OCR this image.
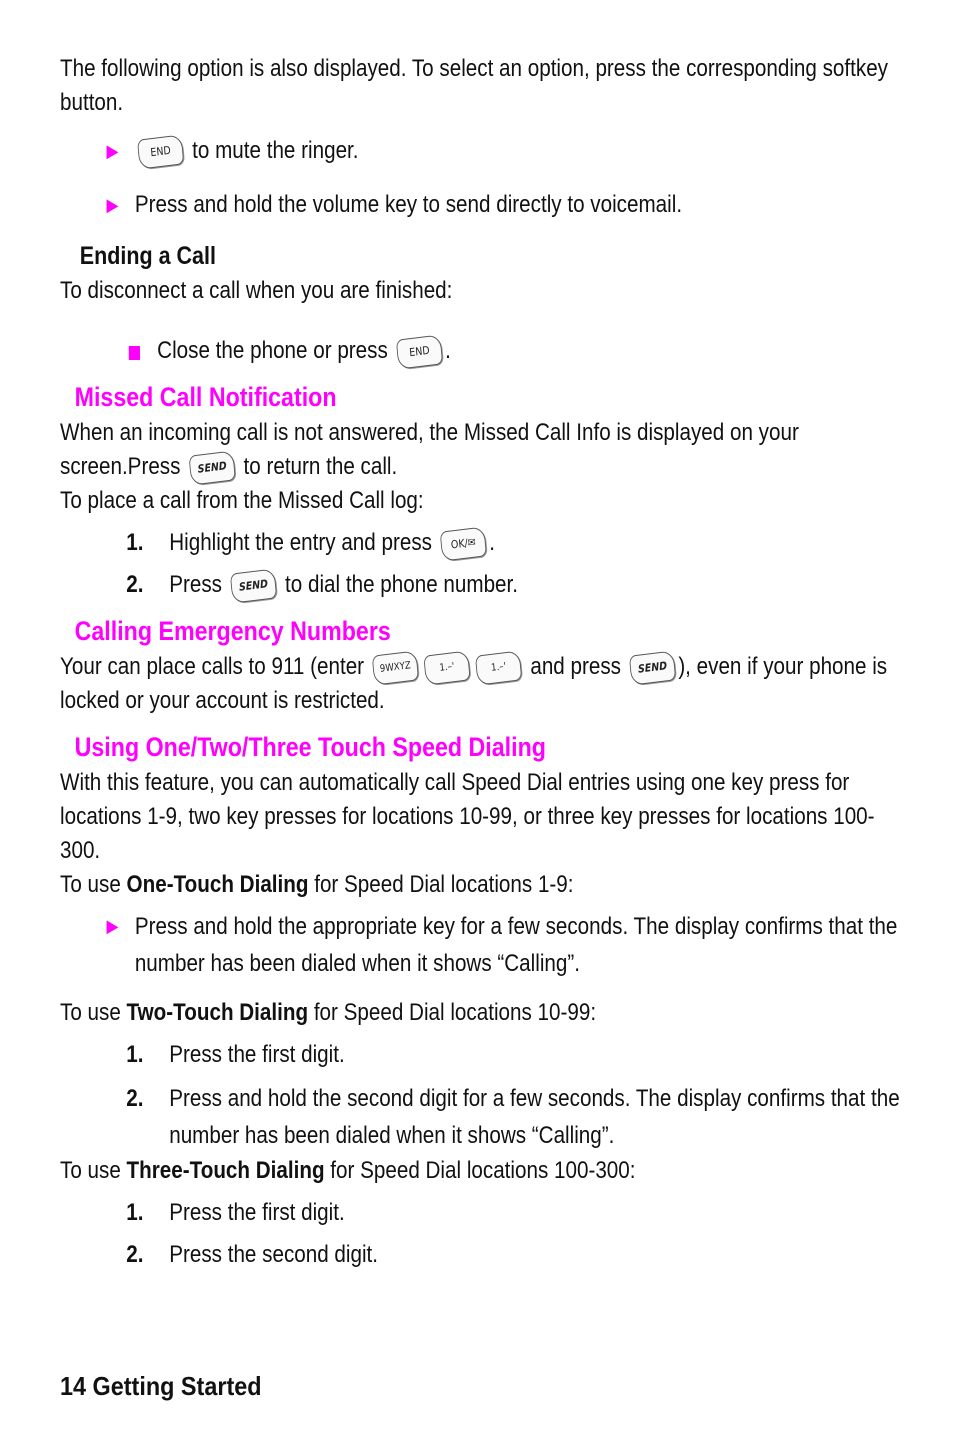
The following option is also displayed. To select an option, press the corresponding softkey button.

▶	END to mute the ringer.
▶ Press and hold the volume key to send directly to voicemail.

Ending a Call

To disconnect a call when you are finished:

Close the phone or press END .

Missed Call Notification

When an incoming call is not answered, the Missed Call Info is displayed on your screen.Press SEND to return the call.

To place a call from the Missed Call log:

1. Highlight the entry and press OK/✉ .
2. Press SEND to dial the phone number.

Calling Emergency Numbers

Your can place calls to 911 (enter 9WXYZ	1.–'	1.–' and press SEND ), even if your phone is locked or your account is restricted.

Using One/Two/Three Touch Speed Dialing

With this feature, you can automatically call Speed Dial entries using one key press for locations 1-9, two key presses for locations 10-99, or three key presses for locations 100-300.

To use One-Touch Dialing for Speed Dial locations 1-9:

▶ Press and hold the appropriate key for a few seconds. The display confirms that the number has been dialed when it shows “Calling”.

To use Two-Touch Dialing for Speed Dial locations 10-99:

1. Press the first digit.
2. Press and hold the second digit for a few seconds. The display confirms that the number has been dialed when it shows “Calling”.

To use Three-Touch Dialing for Speed Dial locations 100-300:

1. Press the first digit.
2. Press the second digit.
14 Getting Started
